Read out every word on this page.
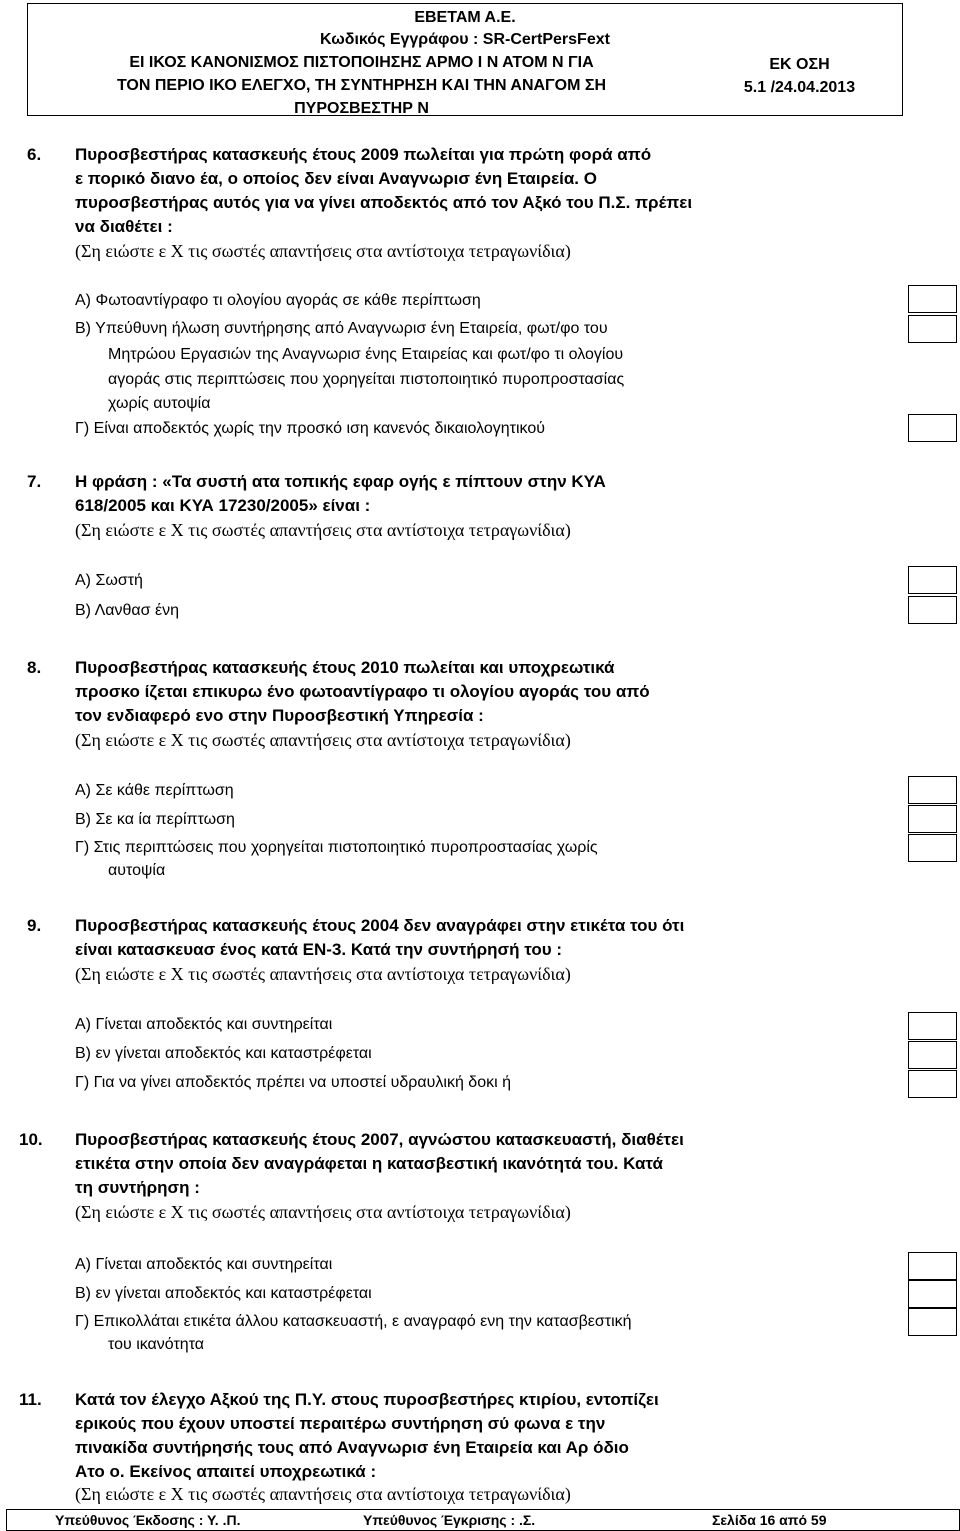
ΕΒΕΤΑΜ Α.Ε.
Κωδικός Εγγράφου : SR-CertPersFext
ΕΙ ΙΚΟΣ ΚΑΝΟΝΙΣΜΟΣ ΠΙΣΤΟΠΟΙΗΣΗΣ ΑΡΜΟ Ι Ν ΑΤΟΜ Ν ΓΙΑ
ΤΟΝ ΠΕΡΙΟ ΙΚΟ ΕΛΕΓΧΟ, ΤΗ ΣΥΝΤΗΡΗΣΗ ΚΑΙ ΤΗΝ ΑΝΑΓΟΜ ΣΗ
ΠΥΡΟΣΒΕΣΤΗΡ Ν
ΕΚ ΟΣΗ
5.1 /24.04.2013
6. Πυροσβεστήρας κατασκευής έτους 2009 πωλείται για πρώτη φορά από
ε πορικό διανο έα, ο οποίος δεν είναι Αναγνωρισ ένη Εταιρεία. Ο
πυροσβεστήρας αυτός για να γίνει αποδεκτός από τον Αξκό του Π.Σ. πρέπει
να διαθέτει :
(Ση ειώστε ε Χ τις σωστές απαντήσεις στα αντίστοιχα τετραγωνίδια)
Α) Φωτοαντίγραφο τι ολογίου αγοράς σε κάθε περίπτωση
Β) Υπεύθυνη ήλωση συντήρησης από Αναγνωρισ ένη Εταιρεία, φωτ/φο του
Μητρώου Εργασιών της Αναγνωρισ ένης Εταιρείας και φωτ/φο τι ολογίου
αγοράς στις περιπτώσεις που χορηγείται πιστοποιητικό πυροπροστασίας
χωρίς αυτοψία
Γ) Είναι αποδεκτός χωρίς την προσκό ιση κανενός δικαιολογητικού
7. Η φράση : «Τα συστή ατα τοπικής εφαρ ογής ε πίπτουν στην ΚΥΑ
618/2005 και ΚΥΑ 17230/2005» είναι :
(Ση ειώστε ε Χ τις σωστές απαντήσεις στα αντίστοιχα τετραγωνίδια)
Α) Σωστή
Β) Λανθασ ένη
8. Πυροσβεστήρας κατασκευής έτους 2010 πωλείται και υποχρεωτικά
προσκο ίζεται επικυρω ένο φωτοαντίγραφο τι ολογίου αγοράς του από
τον ενδιαφερό ενο στην Πυροσβεστική Υπηρεσία :
(Ση ειώστε ε Χ τις σωστές απαντήσεις στα αντίστοιχα τετραγωνίδια)
Α) Σε κάθε περίπτωση
Β) Σε κα ία περίπτωση
Γ) Στις περιπτώσεις που χορηγείται πιστοποιητικό πυροπροστασίας χωρίς
αυτοψία
9. Πυροσβεστήρας κατασκευής έτους 2004 δεν αναγράφει στην ετικέτα του ότι
είναι κατασκευασ ένος κατά ΕΝ-3. Κατά την συντήρησή του :
(Ση ειώστε ε Χ τις σωστές απαντήσεις στα αντίστοιχα τετραγωνίδια)
Α) Γίνεται αποδεκτός και συντηρείται
Β) εν γίνεται αποδεκτός και καταστρέφεται
Γ) Για να γίνει αποδεκτός πρέπει να υποστεί υδραυλική δοκι ή
10. Πυροσβεστήρας κατασκευής έτους 2007, αγνώστου κατασκευαστή, διαθέτει
ετικέτα στην οποία δεν αναγράφεται η κατασβεστική ικανότητά του. Κατά
τη συντήρηση :
(Ση ειώστε ε Χ τις σωστές απαντήσεις στα αντίστοιχα τετραγωνίδια)
Α) Γίνεται αποδεκτός και συντηρείται
Β) εν γίνεται αποδεκτός και καταστρέφεται
Γ) Επικολλάται ετικέτα άλλου κατασκευαστή, ε αναγραφό ενη την κατασβεστική
του ικανότητα
11. Κατά τον έλεγχο Αξκού της Π.Υ. στους πυροσβεστήρες κτιρίου, εντοπίζει
ερικούς που έχουν υποστεί περαιτέρω συντήρηση σύ φωνα ε την
πινακίδα συντήρησής τους από Αναγνωρισ ένη Εταιρεία και Αρ όδιο
Ατο ο. Εκείνος απαιτεί υποχρεωτικά :
(Ση ειώστε ε Χ τις σωστές απαντήσεις στα αντίστοιχα τετραγωνίδια)
Υπεύθυνος Έκδοσης : Υ. .Π.	Υπεύθυνος Έγκρισης : .Σ.	Σελίδα 16 από 59
